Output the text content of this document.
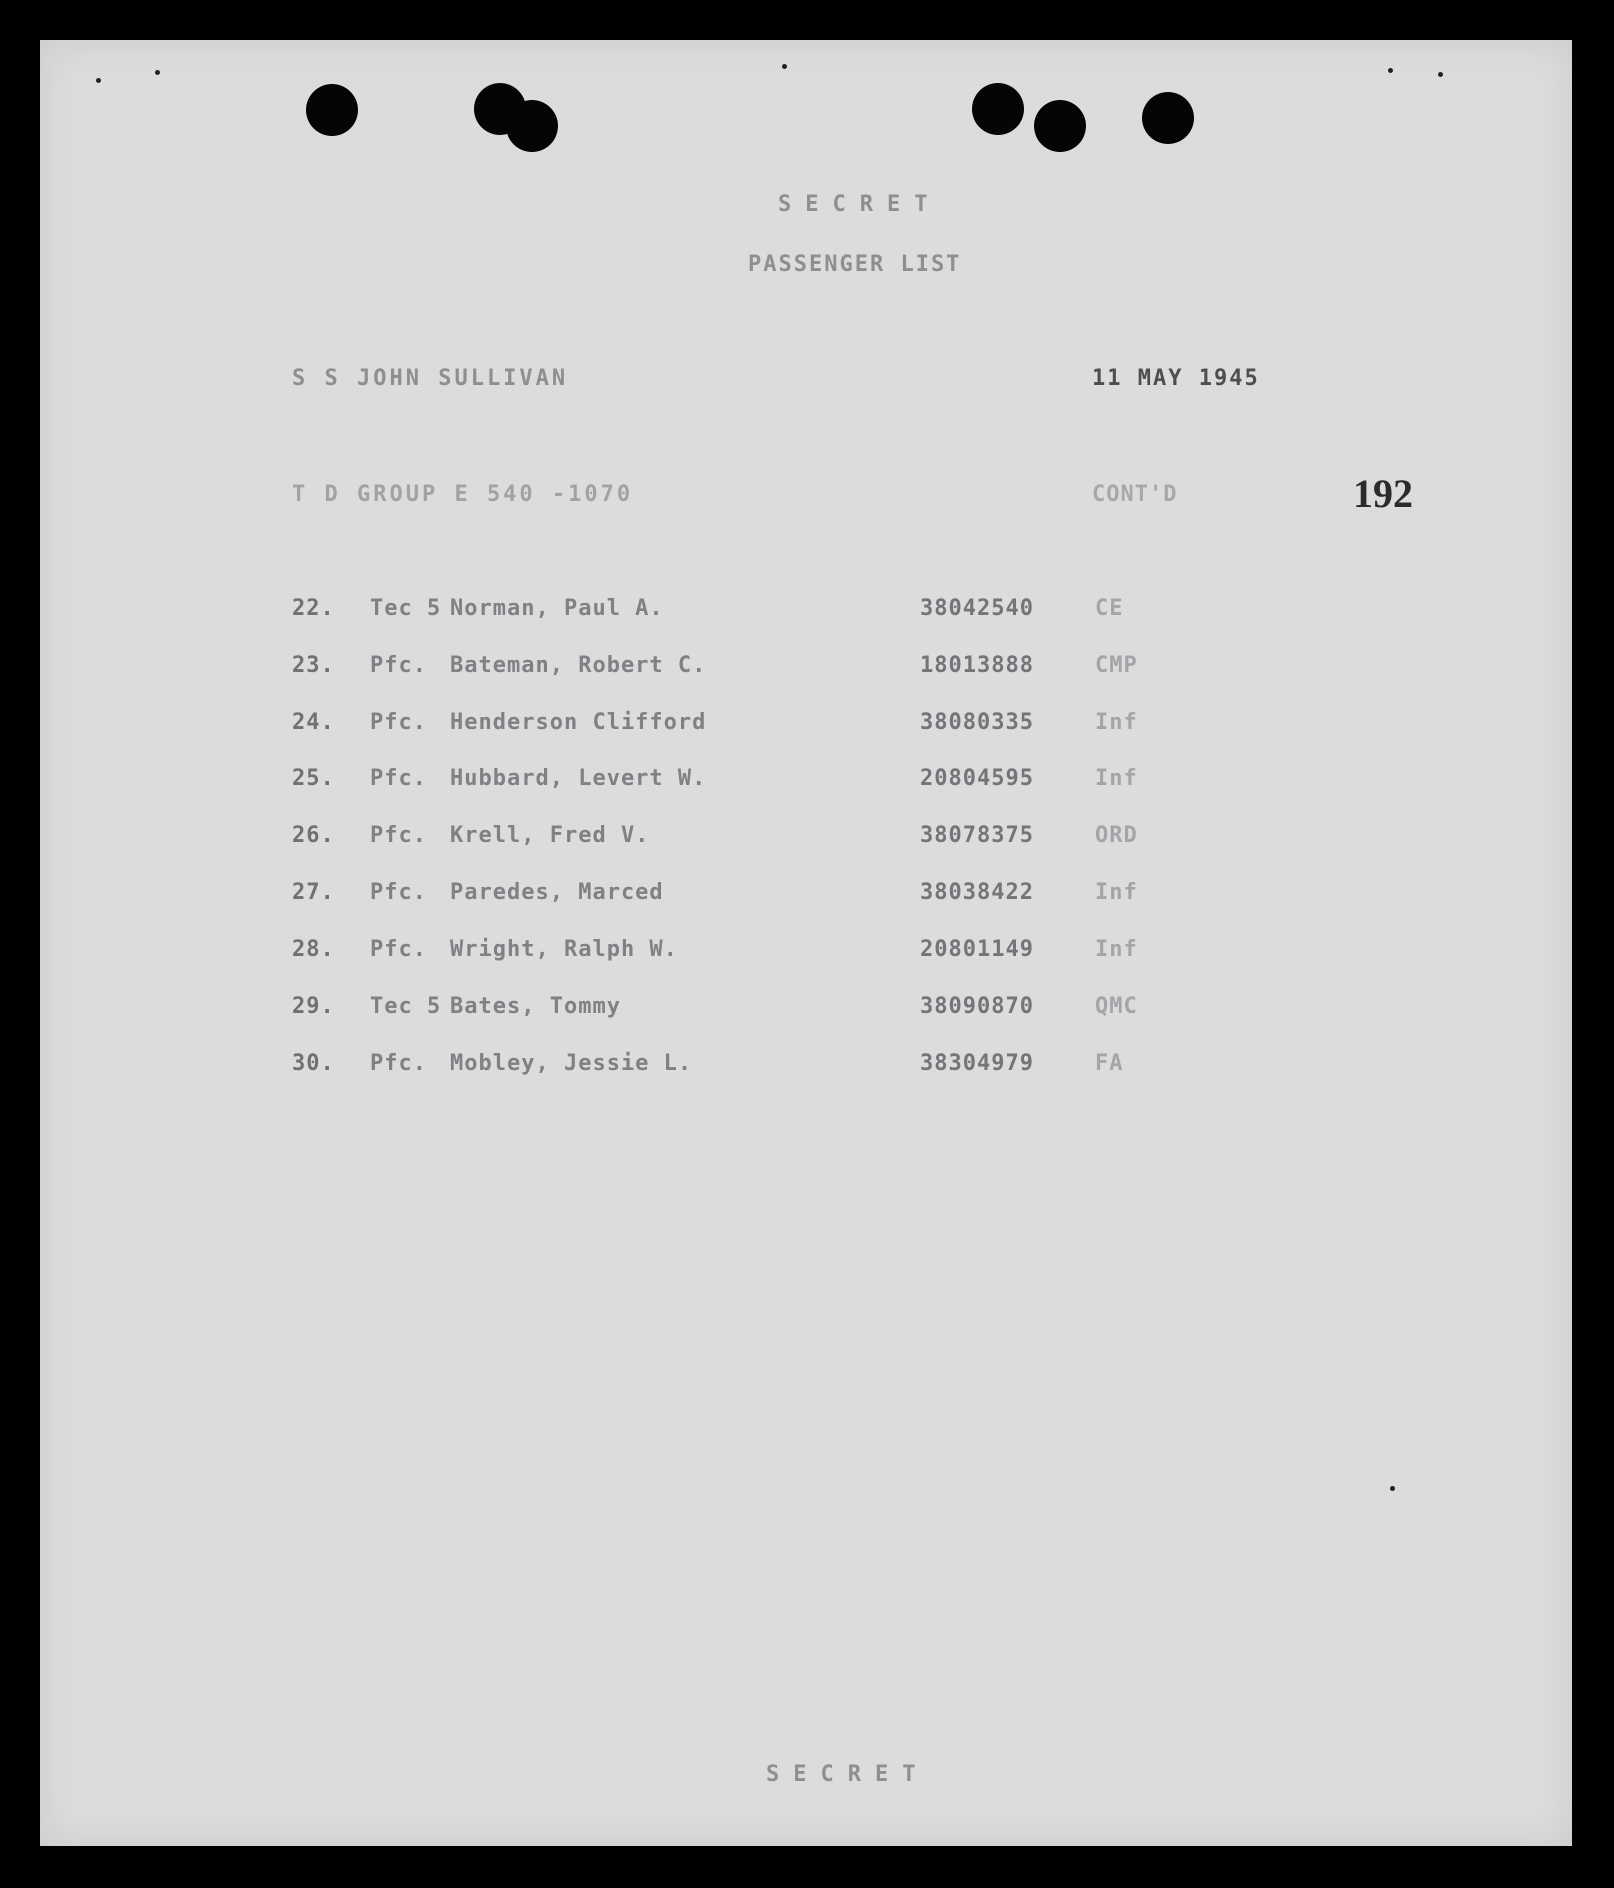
SECRET
PASSENGER LIST
S S JOHN SULLIVAN	11 MAY 1945
T D GROUP E 540 -1070	CONT'D	192
22. Tec 5 Norman, Paul A.	38042540	CE
23. Pfc. Bateman, Robert C.	18013888	CMP
24. Pfc. Henderson Clifford	38080335	Inf
25. Pfc. Hubbard, Levert W.	20804595	Inf
26. Pfc. Krell, Fred V.	38078375	ORD
27. Pfc. Paredes, Marced	38038422	Inf
28. Pfc. Wright, Ralph W.	20801149	Inf
29. Tec 5 Bates, Tommy	38090870	QMC
30. Pfc. Mobley, Jessie L.	38304979	FA
SECRET
